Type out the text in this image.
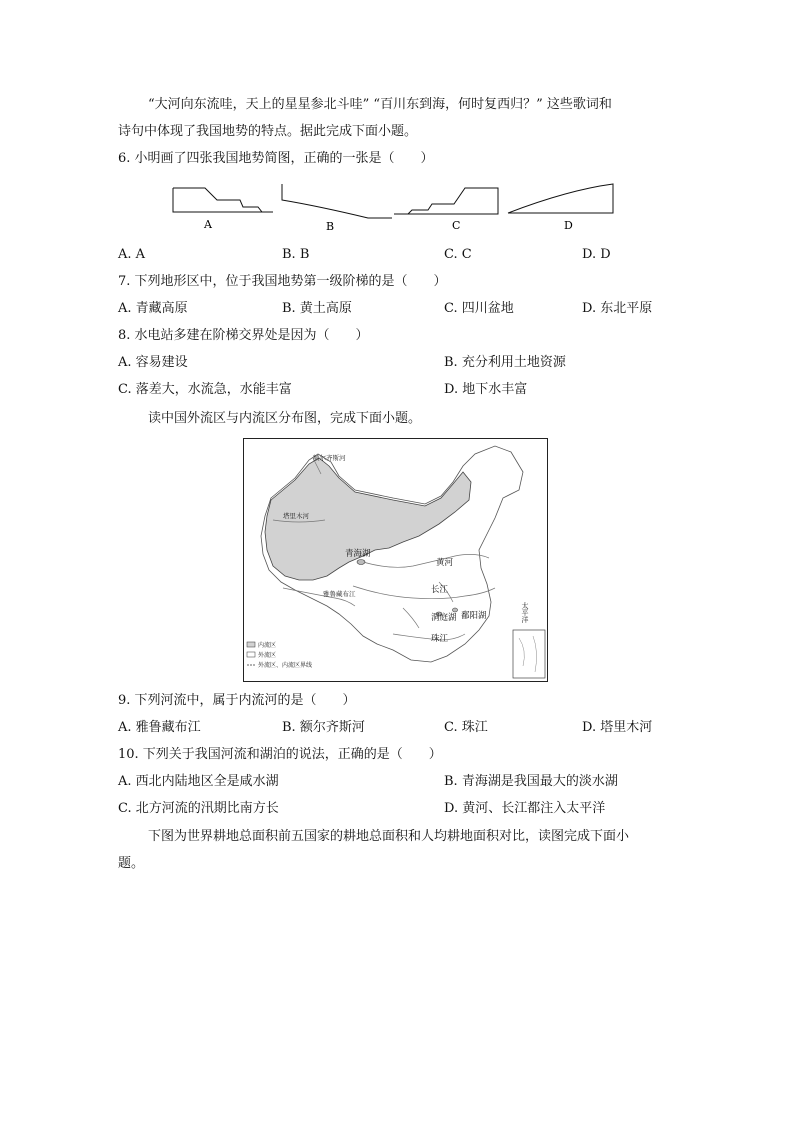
“大河向东流哇，天上的星星参北斗哇” “百川东到海，何时复西归？” 这些歌词和
诗句中体现了我国地势的特点。据此完成下面小题。
6. 小明画了四张我国地势简图，正确的一张是（　　）
A	B	C	D
A. A	B. B	C. C	D. D
7. 下列地形区中，位于我国地势第一级阶梯的是（　　）
A. 青藏高原	B. 黄土高原	C. 四川盆地	D. 东北平原
8. 水电站多建在阶梯交界处是因为（　　）
A. 容易建设	B. 充分利用土地资源
C. 落差大，水流急，水能丰富	D. 地下水丰富
读中国外流区与内流区分布图，完成下面小题。
额尔齐斯河
塔里木河
青海湖
黄河
雅鲁藏布江	长江
洞庭湖 鄱阳湖
珠江
太平洋
内流区
外流区
外流区、内流区界线
9. 下列河流中，属于内流河的是（　　）
A. 雅鲁藏布江	B. 额尔齐斯河	C. 珠江	D. 塔里木河
10. 下列关于我国河流和湖泊的说法，正确的是（　　）
A. 西北内陆地区全是咸水湖	B. 青海湖是我国最大的淡水湖
C. 北方河流的汛期比南方长	D. 黄河、长江都注入太平洋
下图为世界耕地总面积前五国家的耕地总面积和人均耕地面积对比，读图完成下面小
题。
